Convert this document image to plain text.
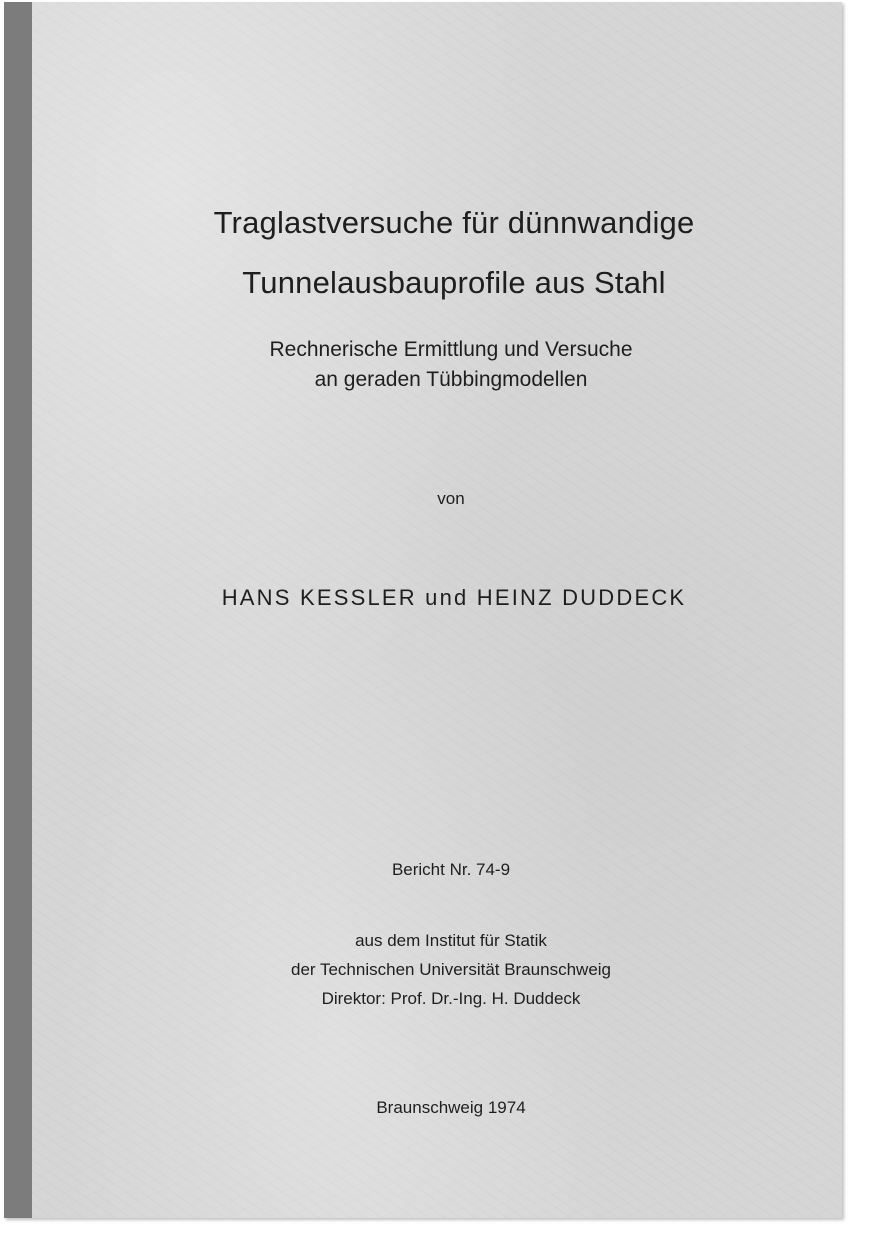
Traglastversuche für dünnwandige
Tunnelausbauprofile aus Stahl
Rechnerische Ermittlung und Versuche
an geraden Tübbingmodellen
von
HANS KESSLER und HEINZ DUDDECK
Bericht Nr. 74-9
aus dem Institut für Statik
der Technischen Universität Braunschweig
Direktor: Prof. Dr.-Ing. H. Duddeck
Braunschweig 1974
